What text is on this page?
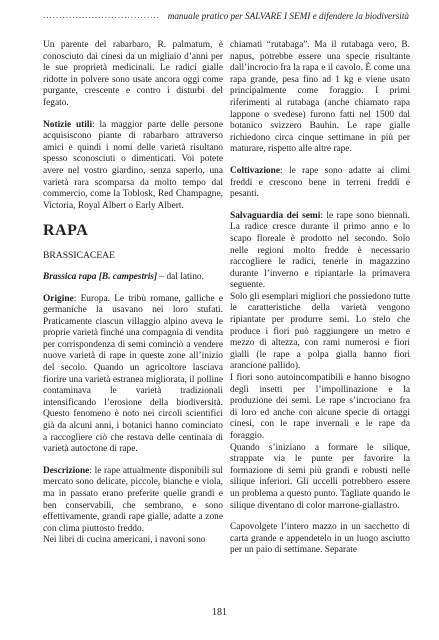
.................................... manuale pratico per SALVARE I SEMI e difendere la biodiversità

Un parente del rabarbaro, R. palmatum, è conosciuto dai cinesi da un migliaio d’anni per le sue proprietà medicinali. Le radici gialle ridotte in polvere sono usate ancora oggi come purgante, crescente e contro i disturbi del fegato.

Notizie utili: la maggior parte delle persone acquisiscono piante di rabarbaro attraverso amici e quindi i nomi delle varietà risultano spesso sconosciuti o dimenticati. Voi potete avere nel vostro giardino, senza saperlo, una varietà rara scomparsa da molto tempo dal commercio, come la Toblosk, Red Champagne, Victoria, Royal Albert o Early Albert.

RAPA

BRASSICACEAE

Brassica rapa [B. campestris] – dal latino.

Origine: Europa. Le tribù romane, galliche e germaniche la usavano nei loro stufati. Praticamente ciascun villaggio alpino aveva le proprie varietà finché una compagnia di vendita per corrispondenza di semi cominciò a vendere nuove varietà di rape in queste zone all’inizio del secolo. Quando un agricoltore lasciava fiorire una varietà estranea migliorata, il polline contaminava le varietà tradizionali intensificando l’erosione della biodiversità. Questo fenomeno è noto nei circoli scientifici già da alcuni anni, i botanici hanno cominciato a raccogliere ciò che restava delle centinaia di varietà autoctone di rape.

Descrizione: le rape attualmente disponibili sul mercato sono delicate, piccole, bianche e viola, ma in passato erano preferite quelle grandi e ben conservabili, che sembrano, e sono effettivamente, grandi rape gialle, adatte a zone con clima piuttosto freddo.

Nei libri di cucina americani, i navoni sono

chiamati “rutabaga”. Ma il rutabaga vero, B. napus, potrebbe essere una specie risultante dall’incrocio fra la rapa e il cavolo. È come una rapa grande, pesa fino ad 1 kg e viene usato principalmente come foraggio. I primi riferimenti al rutabaga (anche chiamato rapa lappone o svedese) furono fatti nel 1500 dal botanico svizzero Bauhin. Le rape gialle richiedono circa cinque settimane in più per maturare, rispetto alle altre rape.

Coltivazione: le rape sono adatte ai climi freddi e crescono bene in terreni freddi e pesanti.

Salvaguardia dei semi: le rape sono biennali. La radice cresce durante il primo anno e lo scapo floreale è prodotto nel secondo. Solo nelle regioni molto fredde è necessario raccogliere le radici, tenerle in magazzino durante l’inverno e ripiantarle la primavera seguente.

Solo gli esemplari migliori che possiedono tutte le caratteristiche della varietà vengono ripiantate per produrre semi. Lo stelo che produce i fiori può raggiungere un metro e mezzo di altezza, con rami numerosi e fiori gialli (le rape a polpa gialla hanno fiori arancione pallido).

I fiori sono autoincompatibili e hanno bisogno degli insetti per l’impollinazione e la produzione dei semi. Le rape s’incrociano fra di loro ed anche con alcune specie di ortaggi cinesi, con le rape invernali e le rape da foraggio.

Quando s’iniziano a formare le silique, strappate via le punte per favorire la formazione di semi più grandi e robusti nelle silique inferiori. Gli uccelli potrebbero essere un problema a questo punto. Tagliate quando le silique diventano di color marrone-giallastro.

Capovolgete l’intero mazzo in un sacchetto di carta grande e appendetelo in un luogo asciutto per un paio di settimane. Separate

181
